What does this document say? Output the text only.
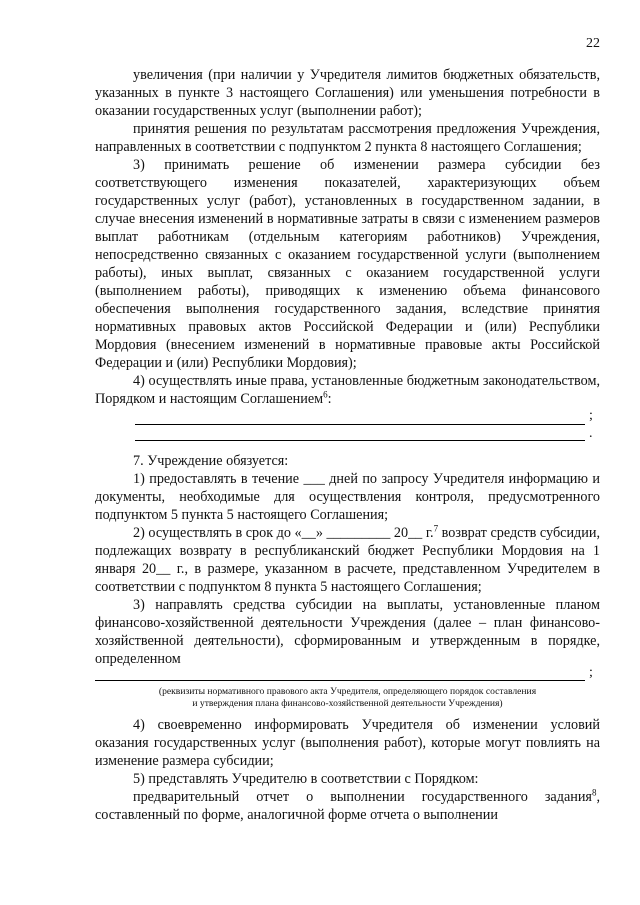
22

увеличения (при наличии у Учредителя лимитов бюджетных обязательств, указанных в пункте 3 настоящего Соглашения) или уменьшения потребности в оказании государственных услуг (выполнении работ);

принятия решения по результатам рассмотрения предложения Учреждения, направленных в соответствии с подпунктом 2 пункта 8 настоящего Соглашения;

3) принимать решение об изменении размера субсидии без соответствующего изменения показателей, характеризующих объем государственных услуг (работ), установленных в государственном задании, в случае внесения изменений в нормативные затраты в связи с изменением размеров выплат работникам (отдельным категориям работников) Учреждения, непосредственно связанных с оказанием государственной услуги (выполнением работы), иных выплат, связанных с оказанием государственной услуги (выполнением работы), приводящих к изменению объема финансового обеспечения выполнения государственного задания, вследствие принятия нормативных правовых актов Российской Федерации и (или) Республики Мордовия (внесением изменений в нормативные правовые акты Российской Федерации и (или) Республики Мордовия);

4) осуществлять иные права, установленные бюджетным законодательством, Порядком и настоящим Соглашением$^6$:

;
.

7. Учреждение обязуется:

1) предоставлять в течение ___ дней по запросу Учредителя информацию и документы, необходимые для осуществления контроля, предусмотренного подпунктом 5 пункта 5 настоящего Соглашения;

2) осуществлять в срок до «__» _________ 20__ г.$^7$ возврат средств субсидии, подлежащих возврату в республиканский бюджет Республики Мордовия на 1 января 20__ г., в размере, указанном в расчете, представленном Учредителем в соответствии с подпунктом 8 пункта 5 настоящего Соглашения;

3) направлять средства субсидии на выплаты, установленные планом финансово-хозяйственной деятельности Учреждения (далее – план финансово-хозяйственной деятельности), сформированным и утвержденным в порядке, определенном

;

(реквизиты нормативного правового акта Учредителя, определяющего порядок составления

и утверждения плана финансово-хозяйственной деятельности Учреждения)

4) своевременно информировать Учредителя об изменении условий оказания государственных услуг (выполнения работ), которые могут повлиять на изменение размера субсидии;

5) представлять Учредителю в соответствии с Порядком:

предварительный отчет о выполнении государственного задания$^8$, составленный по форме, аналогичной форме отчета о выполнении
